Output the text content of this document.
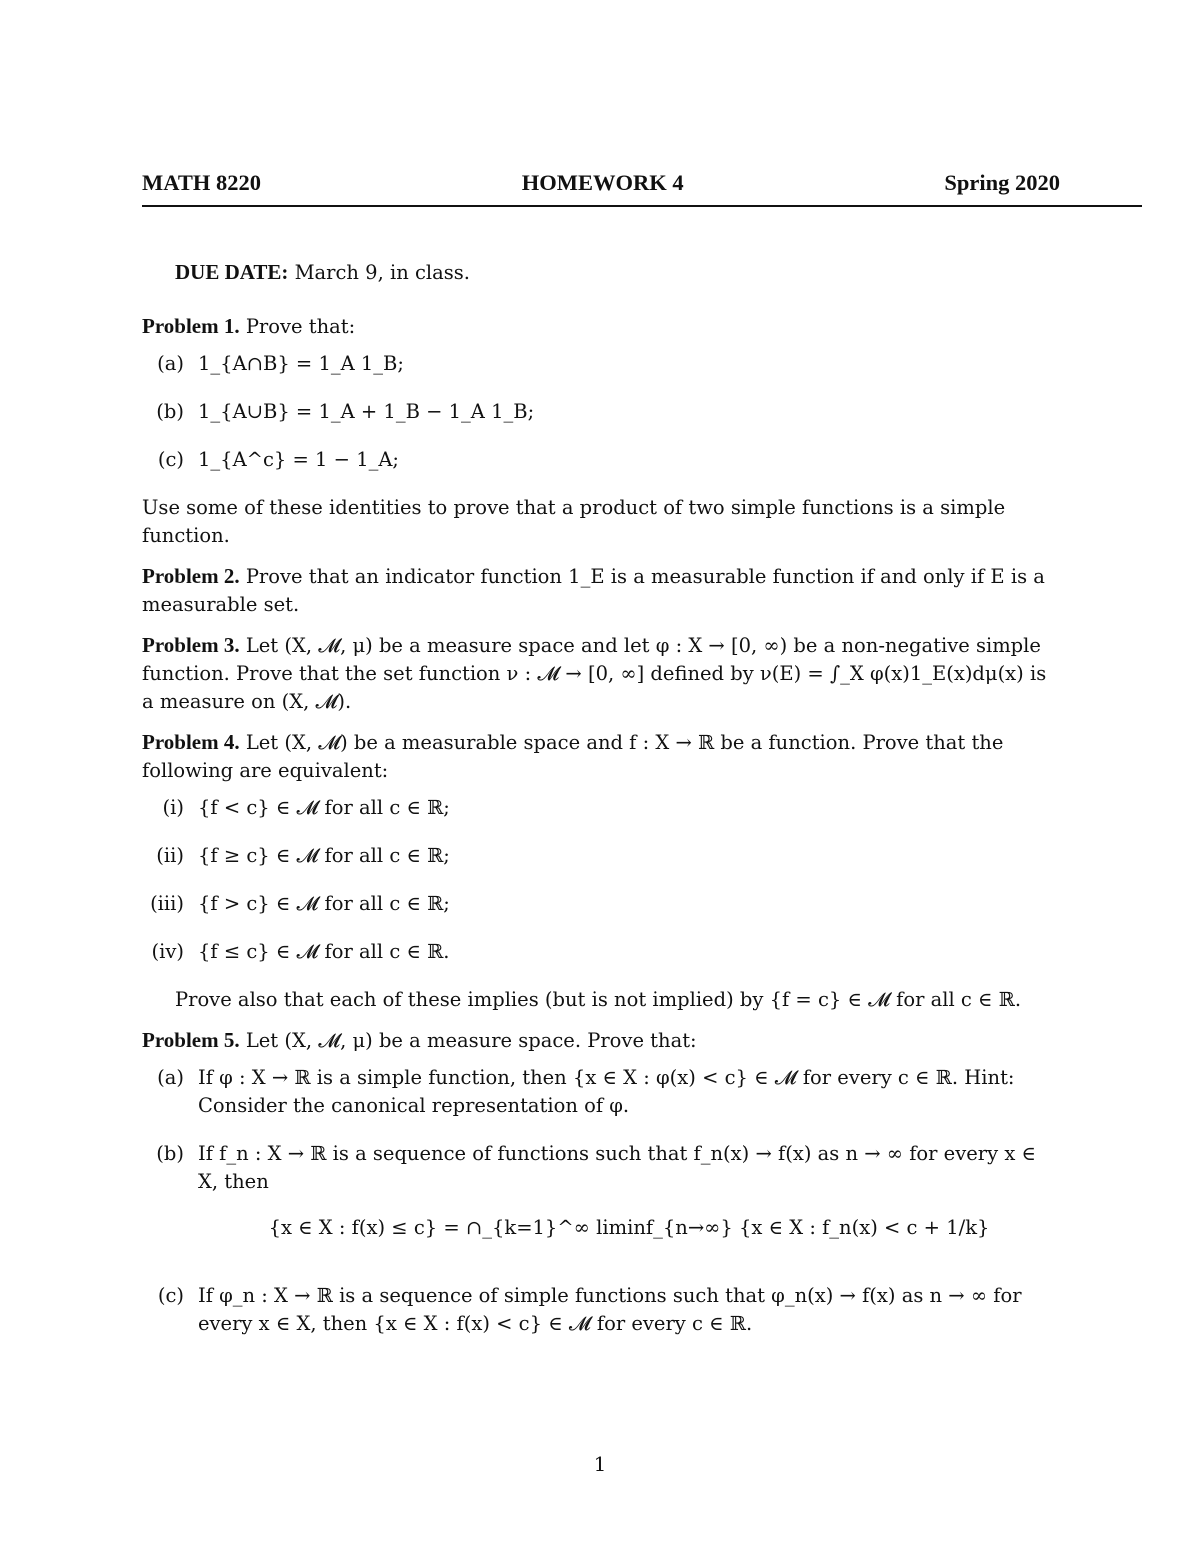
MATH 8220	HOMEWORK 4	Spring 2020

DUE DATE: March 9, in class.

Problem 1. Prove that:

(a) 1_{A∩B} = 1_A 1_B;
(b) 1_{A∪B} = 1_A + 1_B − 1_A 1_B;
(c) 1_{A^c} = 1 − 1_A;

Use some of these identities to prove that a product of two simple functions is a simple function.

Problem 2. Prove that an indicator function 1_E is a measurable function if and only if E is a measurable set.

Problem 3. Let (X, 𝓜, μ) be a measure space and let φ : X → [0, ∞) be a non-negative simple function. Prove that the set function ν : 𝓜 → [0, ∞] defined by ν(E) = ∫_X φ(x)1_E(x)dμ(x) is a measure on (X, 𝓜).

Problem 4. Let (X, 𝓜) be a measurable space and f : X → ℝ be a function. Prove that the following are equivalent:

(i) {f < c} ∈ 𝓜 for all c ∈ ℝ;
(ii) {f ≥ c} ∈ 𝓜 for all c ∈ ℝ;
(iii) {f > c} ∈ 𝓜 for all c ∈ ℝ;
(iv) {f ≤ c} ∈ 𝓜 for all c ∈ ℝ.

Prove also that each of these implies (but is not implied) by {f = c} ∈ 𝓜 for all c ∈ ℝ.

Problem 5. Let (X, 𝓜, μ) be a measure space. Prove that:

(a) If φ : X → ℝ is a simple function, then {x ∈ X : φ(x) < c} ∈ 𝓜 for every c ∈ ℝ. Hint: Consider the canonical representation of φ.
(b) If f_n : X → ℝ is a sequence of functions such that f_n(x) → f(x) as n → ∞ for every x ∈ X, then
{x ∈ X : f(x) ≤ c} = ∩_{k=1}^∞ liminf_{n→∞} {x ∈ X : f_n(x) < c + 1/k}
(c) If φ_n : X → ℝ is a sequence of simple functions such that φ_n(x) → f(x) as n → ∞ for every x ∈ X, then {x ∈ X : f(x) < c} ∈ 𝓜 for every c ∈ ℝ.
1
